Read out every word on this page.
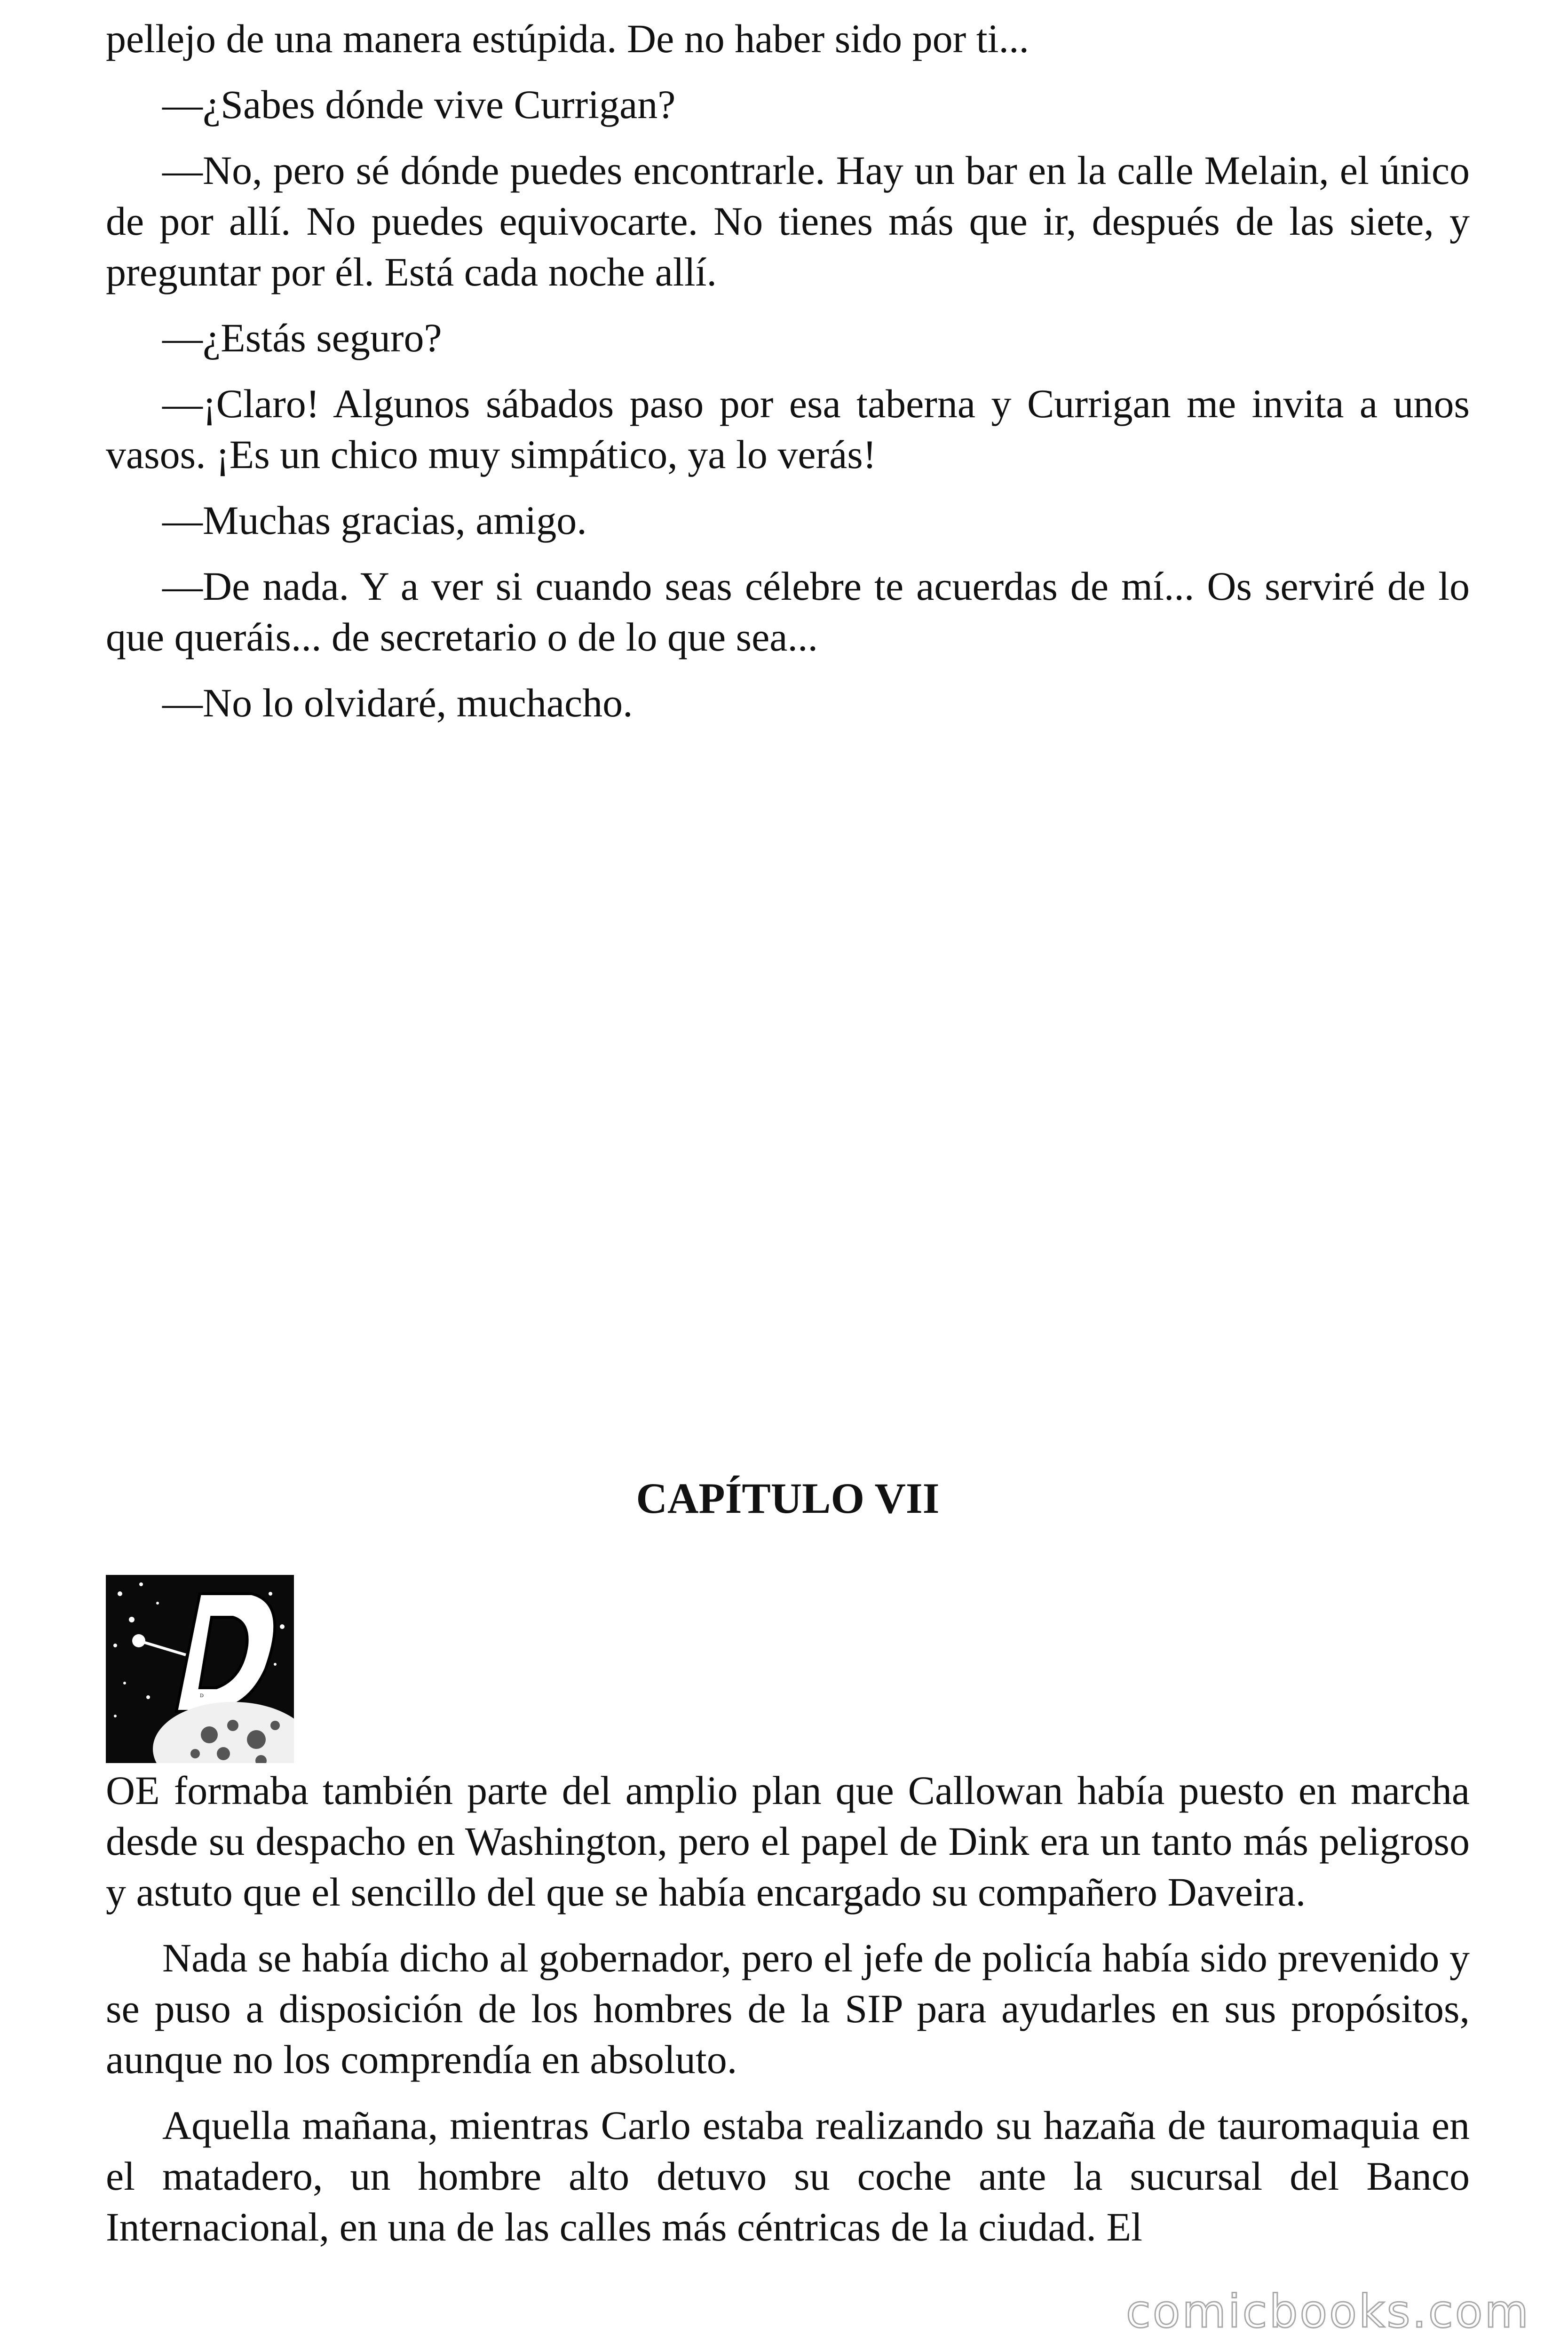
pellejo de una manera estúpida. De no haber sido por ti...

—¿Sabes dónde vive Currigan?

—No, pero sé dónde puedes encontrarle. Hay un bar en la calle Melain, el único de por allí. No puedes equivocarte. No tienes más que ir, después de las siete, y preguntar por él. Está cada noche allí.

—¿Estás seguro?

—¡Claro! Algunos sábados paso por esa taberna y Currigan me invita a unos vasos. ¡Es un chico muy simpático, ya lo verás!

—Muchas gracias, amigo.

—De nada. Y a ver si cuando seas célebre te acuerdas de mí... Os serviré de lo que queráis... de secretario o de lo que sea...

—No lo olvidaré, muchacho.

CAPÍTULO VII
D

OE formaba también parte del amplio plan que Callowan había puesto en marcha desde su despacho en Washington, pero el papel de Dink era un tanto más peligroso y astuto que el sencillo del que se había encargado su compañero Daveira.

Nada se había dicho al gobernador, pero el jefe de policía había sido prevenido y se puso a disposición de los hombres de la SIP para ayudarles en sus propósitos, aunque no los comprendía en absoluto.

Aquella mañana, mientras Carlo estaba realizando su hazaña de tauromaquia en el matadero, un hombre alto detuvo su coche ante la sucursal del Banco Internacional, en una de las calles más céntricas de la ciudad. El

comicbooks.com
